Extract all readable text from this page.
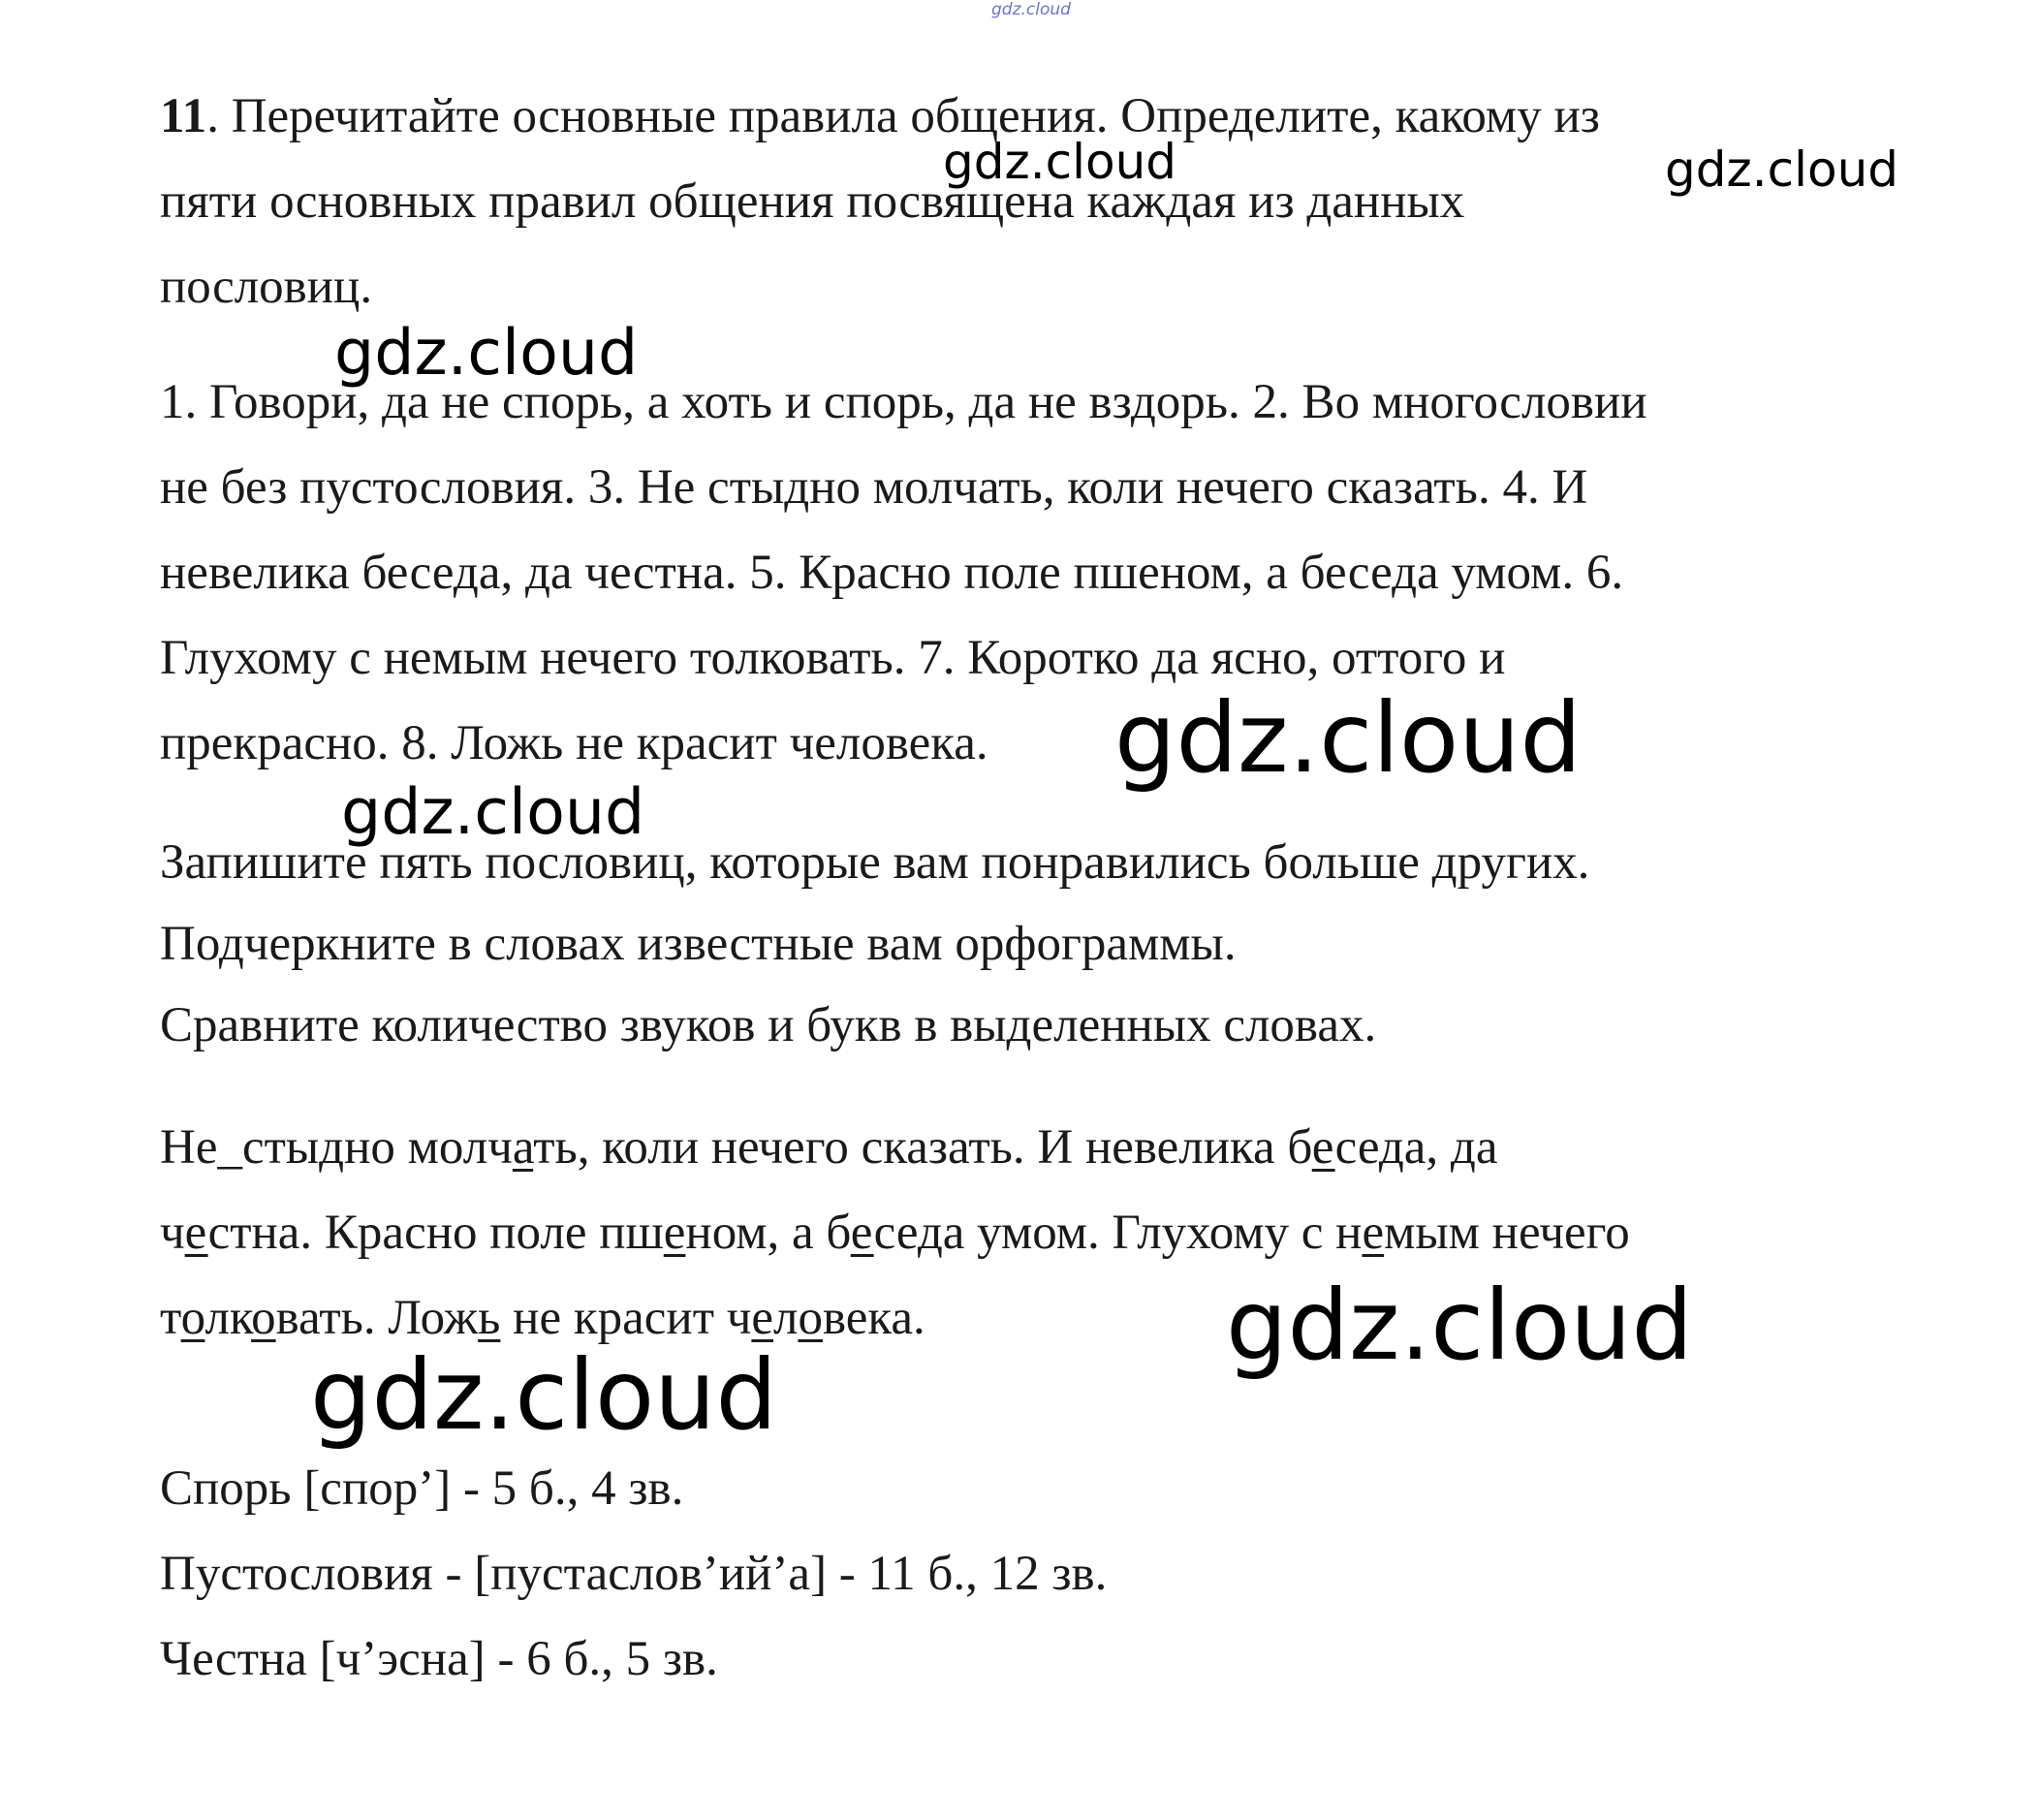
gdz.cloud
11. Перечитайте основные правила общения. Определите, какому из
пяти основных правил общения посвящена каждая из данных
пословиц.
1. Говори, да не спорь, а хоть и спорь, да не вздорь. 2. Во многословии
не без пустословия. 3. Не стыдно молчать, коли нечего сказать. 4. И
невелика беседа, да честна. 5. Красно поле пшеном, а беседа умом. 6.
Глухому с немым нечего толковать. 7. Коротко да ясно, оттого и
прекрасно. 8. Ложь не красит человека.
Запишите пять пословиц, которые вам понравились больше других.
Подчеркните в словах известные вам орфограммы.
Сравните количество звуков и букв в выделенных словах.
Не_стыдно молчать, коли нечего сказать. И невелика беседа, да
честна. Красно поле пшеном, а беседа умом. Глухому с немым нечего
толковать. Ложь не красит человека.
Спорь [спор’] - 5 б., 4 зв.
Пустословия - [пустаслов’ий’а] - 11 б., 12 зв.
Честна [ч’эсна] - 6 б., 5 зв.
gdz.cloud	gdz.cloud
gdz.cloud
gdz.cloud
gdz.cloud
gdz.cloud
gdz.cloud
